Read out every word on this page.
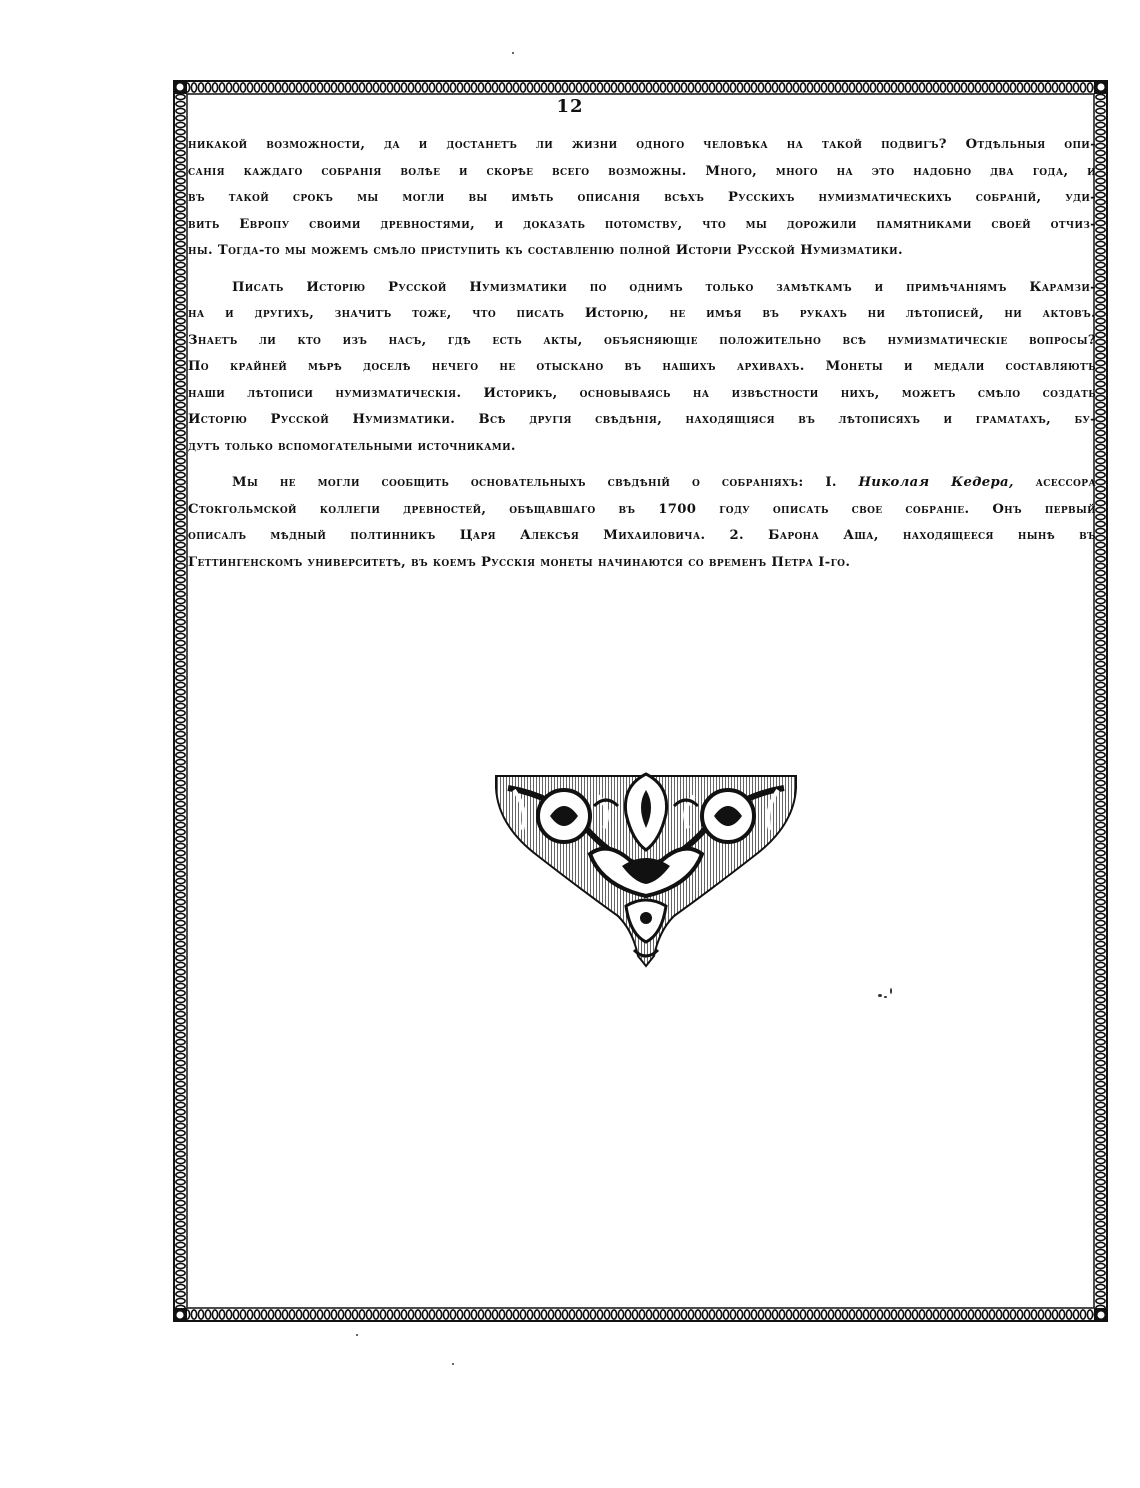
12

никакой возможности, да и достанетъ ли жизни одного человѣка на такой подвигъ? Отдѣльныя опи-
санія каждаго собранія волѣе и скорѣе всего возможны. Много, много на это надобно два года, и
въ такой срокъ мы могли вы имѣть описанія всѣхъ Русскихъ нумизматическихъ собраній, уди-
вить Европу своими древностями, и доказать потомству, что мы дорожили памятниками своей отчиз-
ны. Тогда-то мы можемъ смѣло приступить къ составленію полной Исторіи Русской Нумизматики.

Писать Исторію Русской Нумизматики по однимъ только замѣткамъ и примѣчаніямъ Карамзи-
на и другихъ, значитъ тоже, что писать Исторію, не имѣя въ рукахъ ни лѣтописей, ни актовъ.
Знаетъ ли кто изъ насъ, гдѣ есть акты, объясняющіе положительно всѣ нумизматическіе вопросы?
По крайней мѣрѣ доселѣ нечего не отыскано въ нашихъ архивахъ. Монеты и медали составляютъ
наши лѣтописи нумизматическія. Историкъ, основываясь на извѣстности нихъ, можетъ смѣло создать
Исторію Русской Нумизматики. Всѣ другія свѣдѣнія, находящіяся въ лѣтописяхъ и граматахъ, бу-
дутъ только вспомогательными источниками.

Мы не могли сообщить основательныхъ свѣдѣній о собраніяхъ: I. Николая Кедера, асессора
Стокгольмской коллегіи древностей, обѣщавшаго въ 1700 году описать свое собраніе. Онъ первый
описалъ мѣдный полтинникъ Царя Алексѣя Михаиловича. 2. Барона Аша, находящееся нынѣ въ
Геттингенскомъ университетѣ, въ коемъ Русскія монеты начинаются со временъ Петра I-го.
